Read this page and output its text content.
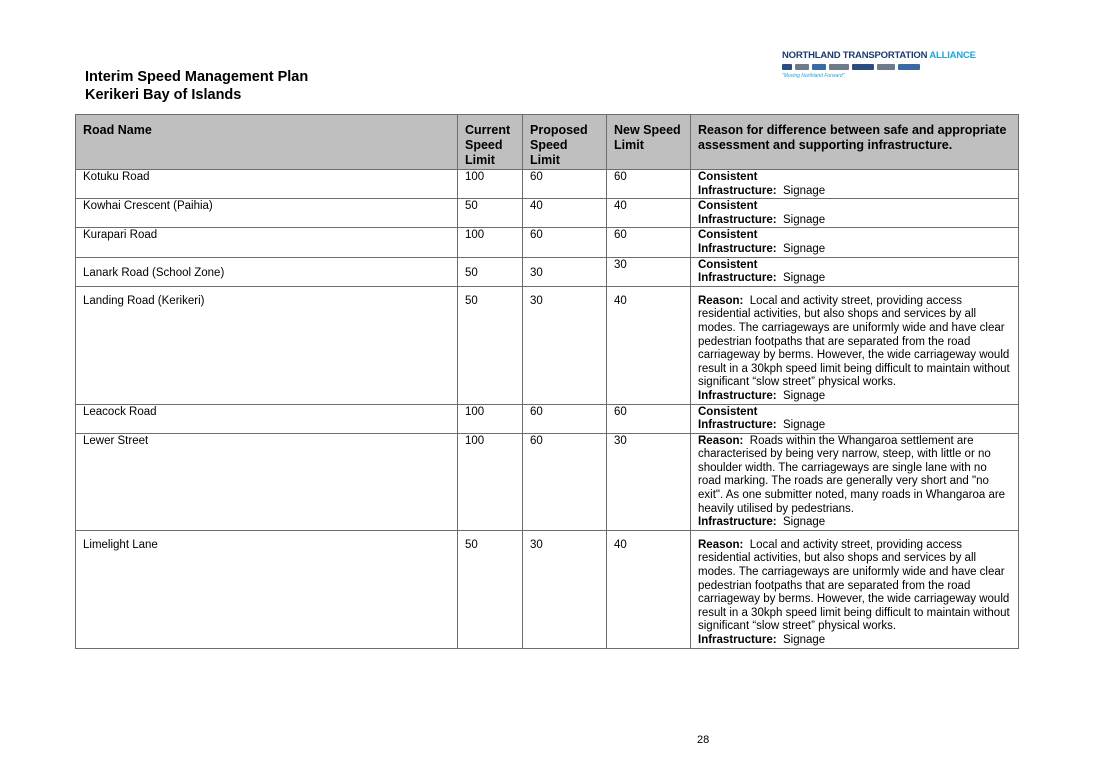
Interim Speed Management Plan
Kerikeri Bay of Islands
NORTHLAND TRANSPORTATION ALLIANCE
"Moving Northland Forward"
Road Name	Current Speed Limit	Proposed Speed Limit	New Speed Limit	Reason for difference between safe and appropriate assessment and supporting infrastructure.
Kotuku Road	100	60	60	Consistent
Infrastructure: Signage

Kowhai Crescent (Paihia)	50	40	40	Consistent
Infrastructure: Signage

Kurapari Road	100	60	60	Consistent
Infrastructure: Signage

Lanark Road (School Zone)	50	30	30	Consistent
Infrastructure: Signage

Landing Road (Kerikeri)	50	30	40	Reason: Local and activity street, providing access residential activities, but also shops and services by all modes. The carriageways are uniformly wide and have clear pedestrian footpaths that are separated from the road carriageway by berms. However, the wide carriageway would result in a 30kph speed limit being difficult to maintain without significant “slow street” physical works.
Infrastructure: Signage

Leacock Road	100	60	60	Consistent
Infrastructure: Signage

Lewer Street	100	60	30	Reason: Roads within the Whangaroa settlement are characterised by being very narrow, steep, with little or no shoulder width. The carriageways are single lane with no road marking. The roads are generally very short and "no exit". As one submitter noted, many roads in Whangaroa are heavily utilised by pedestrians.
Infrastructure: Signage

Limelight Lane	50	30	40	Reason: Local and activity street, providing access residential activities, but also shops and services by all modes. The carriageways are uniformly wide and have clear pedestrian footpaths that are separated from the road carriageway by berms. However, the wide carriageway would result in a 30kph speed limit being difficult to maintain without significant “slow street” physical works.
Infrastructure: Signage
28
